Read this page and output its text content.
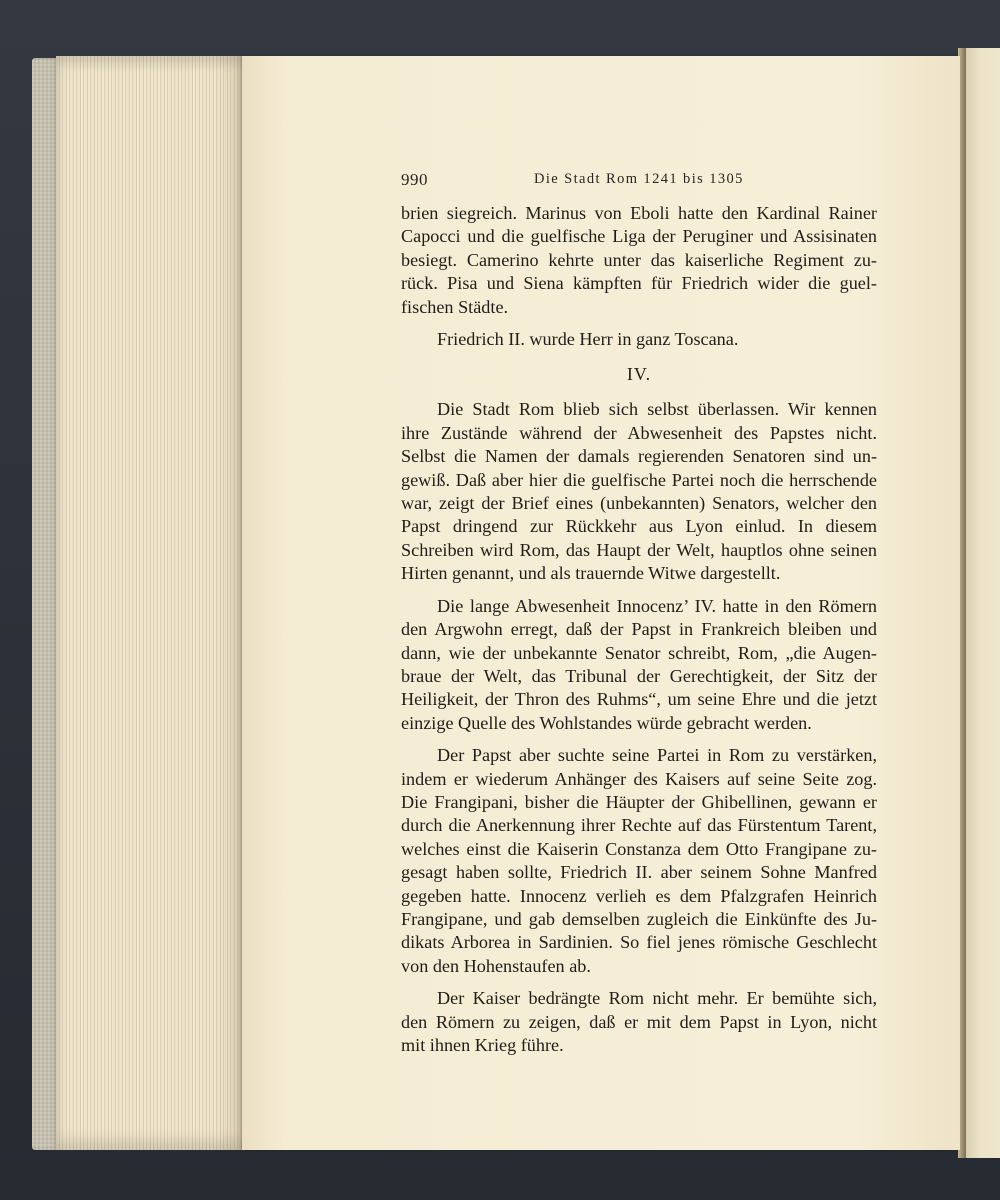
990	Die Stadt Rom 1241 bis 1305
brien siegreich. Marinus von Eboli hatte den Kardinal Rainer
Capocci und die guelfische Liga der Peruginer und Assisinaten
besiegt. Camerino kehrte unter das kaiserliche Regiment zu-
rück. Pisa und Siena kämpften für Friedrich wider die guel-
fischen Städte.
Friedrich II. wurde Herr in ganz Toscana.
IV.
Die Stadt Rom blieb sich selbst überlassen. Wir kennen
ihre Zustände während der Abwesenheit des Papstes nicht.
Selbst die Namen der damals regierenden Senatoren sind un-
gewiß. Daß aber hier die guelfische Partei noch die herrschende
war, zeigt der Brief eines (unbekannten) Senators, welcher den
Papst dringend zur Rückkehr aus Lyon einlud. In diesem
Schreiben wird Rom, das Haupt der Welt, hauptlos ohne seinen
Hirten genannt, und als trauernde Witwe dargestellt.
Die lange Abwesenheit Innocenz’ IV. hatte in den Römern
den Argwohn erregt, daß der Papst in Frankreich bleiben und
dann, wie der unbekannte Senator schreibt, Rom, „die Augen-
braue der Welt, das Tribunal der Gerechtigkeit, der Sitz der
Heiligkeit, der Thron des Ruhms“, um seine Ehre und die jetzt
einzige Quelle des Wohlstandes würde gebracht werden.
Der Papst aber suchte seine Partei in Rom zu verstärken,
indem er wiederum Anhänger des Kaisers auf seine Seite zog.
Die Frangipani, bisher die Häupter der Ghibellinen, gewann er
durch die Anerkennung ihrer Rechte auf das Fürstentum Tarent,
welches einst die Kaiserin Constanza dem Otto Frangipane zu-
gesagt haben sollte, Friedrich II. aber seinem Sohne Manfred
gegeben hatte. Innocenz verlieh es dem Pfalzgrafen Heinrich
Frangipane, und gab demselben zugleich die Einkünfte des Ju-
dikats Arborea in Sardinien. So fiel jenes römische Geschlecht
von den Hohenstaufen ab.
Der Kaiser bedrängte Rom nicht mehr. Er bemühte sich,
den Römern zu zeigen, daß er mit dem Papst in Lyon, nicht
mit ihnen Krieg führe.
